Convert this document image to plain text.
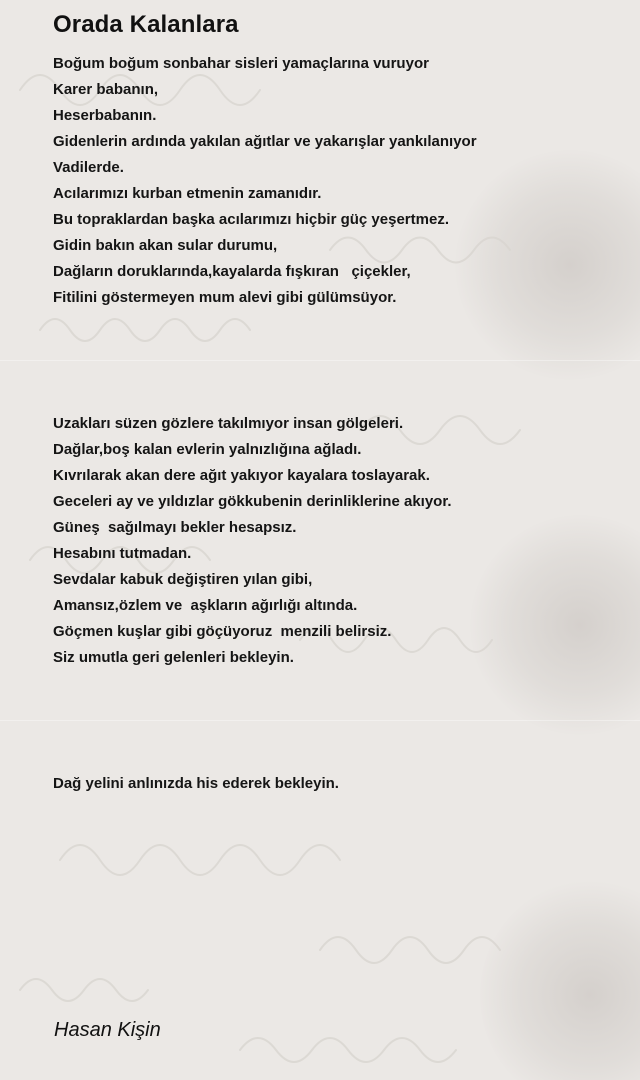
Orada Kalanlara
Boğum boğum sonbahar sisleri yamaçlarına vuruyor
Karer babanın,
Heserbabanın.
Gidenlerin ardında yakılan ağıtlar ve yakarışlar yankılanıyor
Vadilerde.
Acılarımızı kurban etmenin zamanıdır.
Bu topraklardan başka acılarımızı hiçbir güç yeşertmez.
Gidin bakın akan sular durumu,
Dağların doruklarında,kayalarda fışkıran   çiçekler,
Fitilini göstermeyen mum alevi gibi gülümsüyor.
Uzakları süzen gözlere takılmıyor insan gölgeleri.
Dağlar,boş kalan evlerin yalnızlığına ağladı.
Kıvrılarak akan dere ağıt yakıyor kayalara toslayarak.
Geceleri ay ve yıldızlar gökkubenin derinliklerine akıyor.
Güneş  sağılmayı bekler hesapsız.
Hesabını tutmadan.
Sevdalar kabuk değiştiren yılan gibi,
Amansız,özlem ve  aşkların ağırlığı altında.
Göçmen kuşlar gibi göçüyoruz  menzili belirsiz.
Siz umutla geri gelenleri bekleyin.
Dağ yelini anlınızda his ederek bekleyin.
Hasan Kişin
